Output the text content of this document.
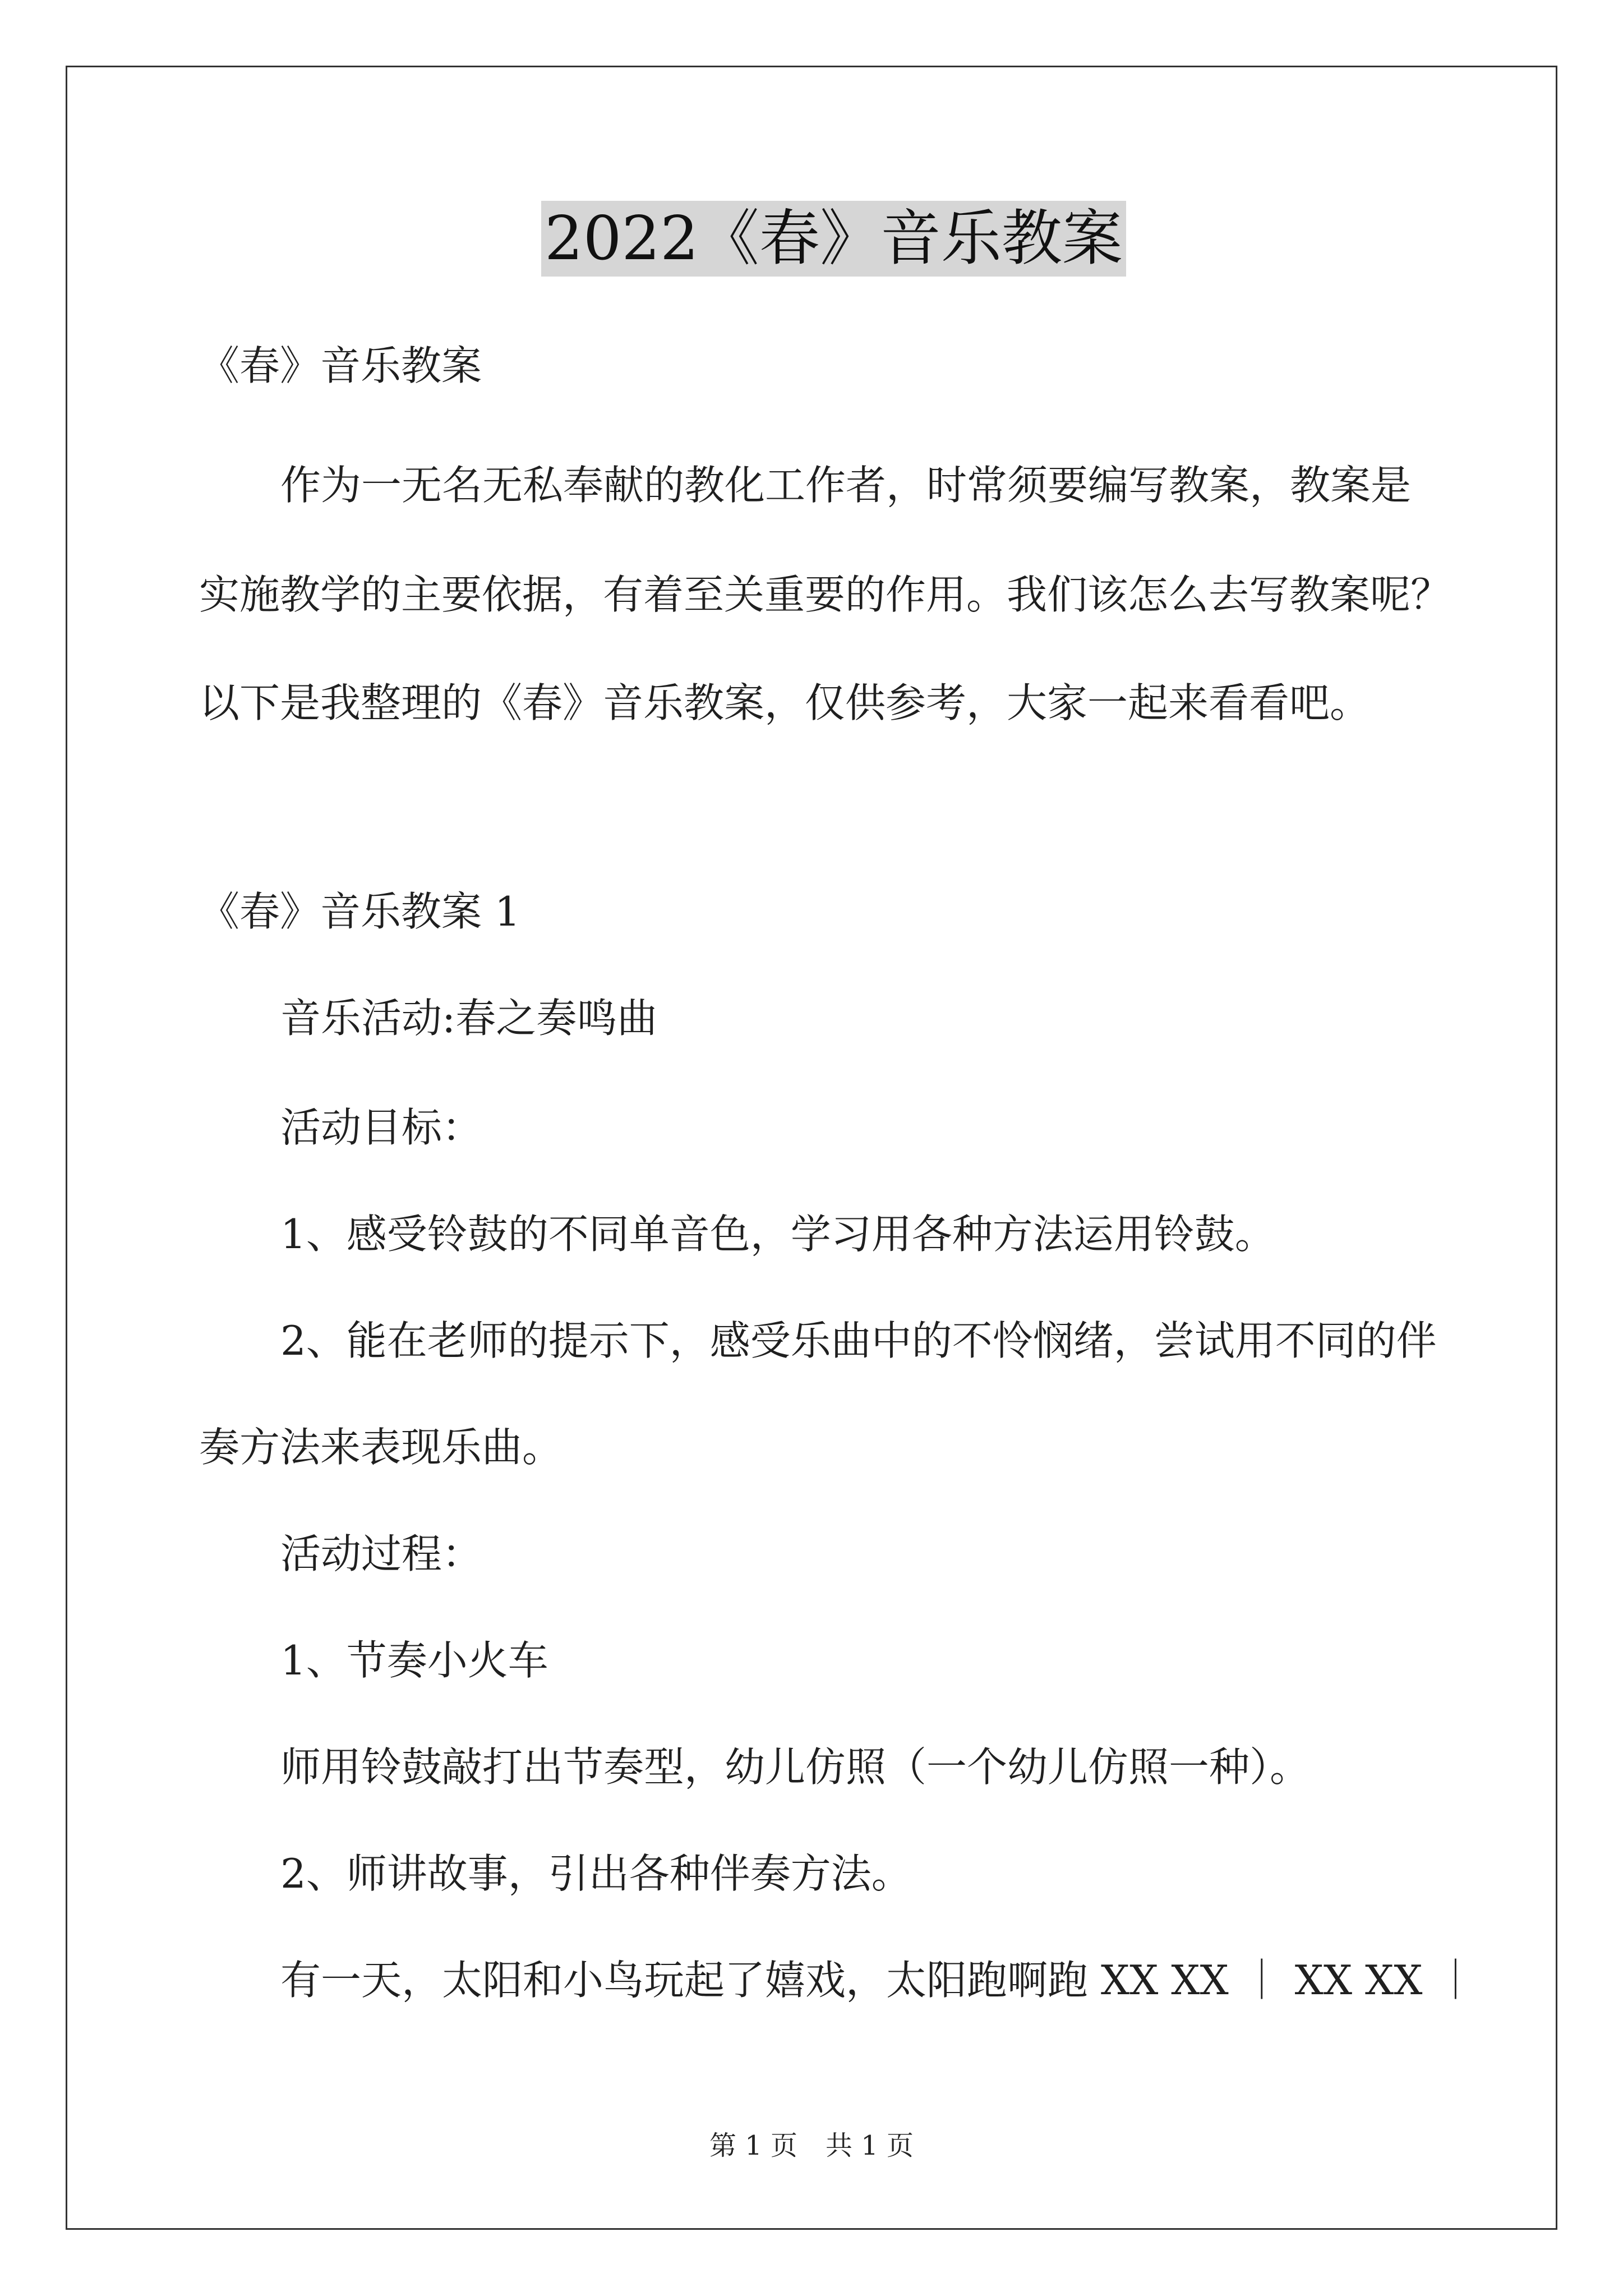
2022《春》音乐教案
《春》音乐教案
作为一无名无私奉献的教化工作者，时常须要编写教案，教案是
实施教学的主要依据，有着至关重要的作用。我们该怎么去写教案呢？
以下是我整理的《春》音乐教案，仅供参考，大家一起来看看吧。
《春》音乐教案 1
音乐活动:春之奏鸣曲
活动目标：
1、感受铃鼓的不同单音色，学习用各种方法运用铃鼓。
2、能在老师的提示下，感受乐曲中的不怜悯绪，尝试用不同的伴
奏方法来表现乐曲。
活动过程：
1、节奏小火车
师用铃鼓敲打出节奏型，幼儿仿照（一个幼儿仿照一种）。
2、师讲故事，引出各种伴奏方法。
有一天，太阳和小鸟玩起了嬉戏，太阳跑啊跑 XX XX ｜ XX XX ｜
第 1 页 共 1 页
